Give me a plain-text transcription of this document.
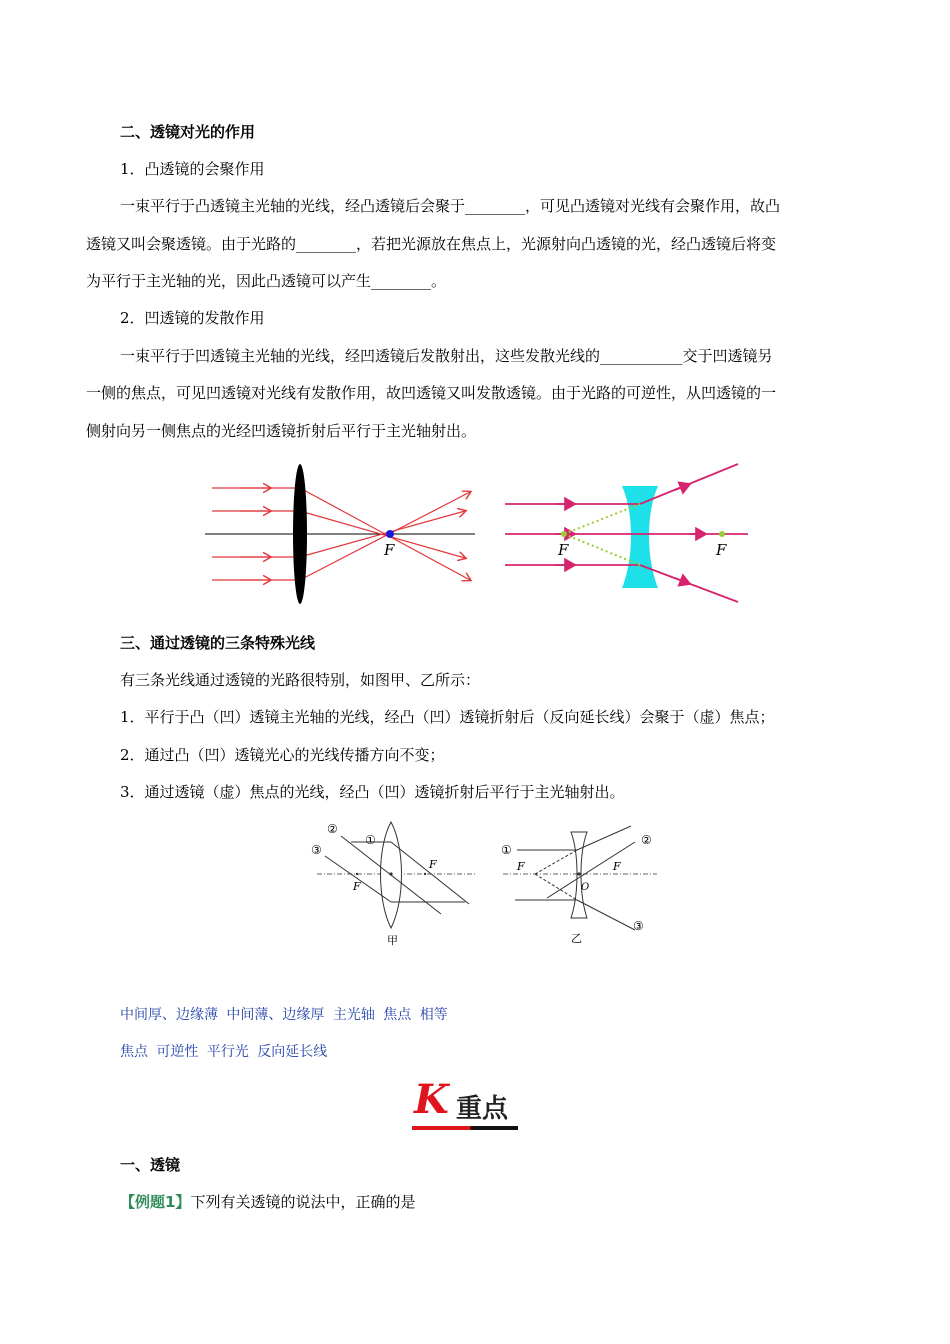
二、透镜对光的作用
1．凸透镜的会聚作用
一束平行于凸透镜主光轴的光线，经凸透镜后会聚于________，可见凸透镜对光线有会聚作用，故凸
透镜又叫会聚透镜。由于光路的________，若把光源放在焦点上，光源射向凸透镜的光，经凸透镜后将变
为平行于主光轴的光，因此凸透镜可以产生________。
2．凹透镜的发散作用
一束平行于凹透镜主光轴的光线，经凹透镜后发散射出，这些发散光线的___________交于凹透镜另
一侧的焦点，可见凹透镜对光线有发散作用，故凹透镜又叫发散透镜。由于光路的可逆性，从凹透镜的一
侧射向另一侧焦点的光经凹透镜折射后平行于主光轴射出。
F	F	F
三、通过透镜的三条特殊光线
有三条光线通过透镜的光路很特别，如图甲、乙所示：
1．平行于凸（凹）透镜主光轴的光线，经凸（凹）透镜折射后（反向延长线）会聚于（虚）焦点；
2．通过凸（凹）透镜光心的光线传播方向不变；
3．通过透镜（虚）焦点的光线，经凸（凹）透镜折射后平行于主光轴射出。
②
①
③
F
F
甲
①
②
③
F	F
O
乙
中间厚、边缘薄 中间薄、边缘厚 主光轴 焦点 相等
焦点 可逆性 平行光 反向延长线
K 重点
一、透镜
【例题1】下列有关透镜的说法中，正确的是
